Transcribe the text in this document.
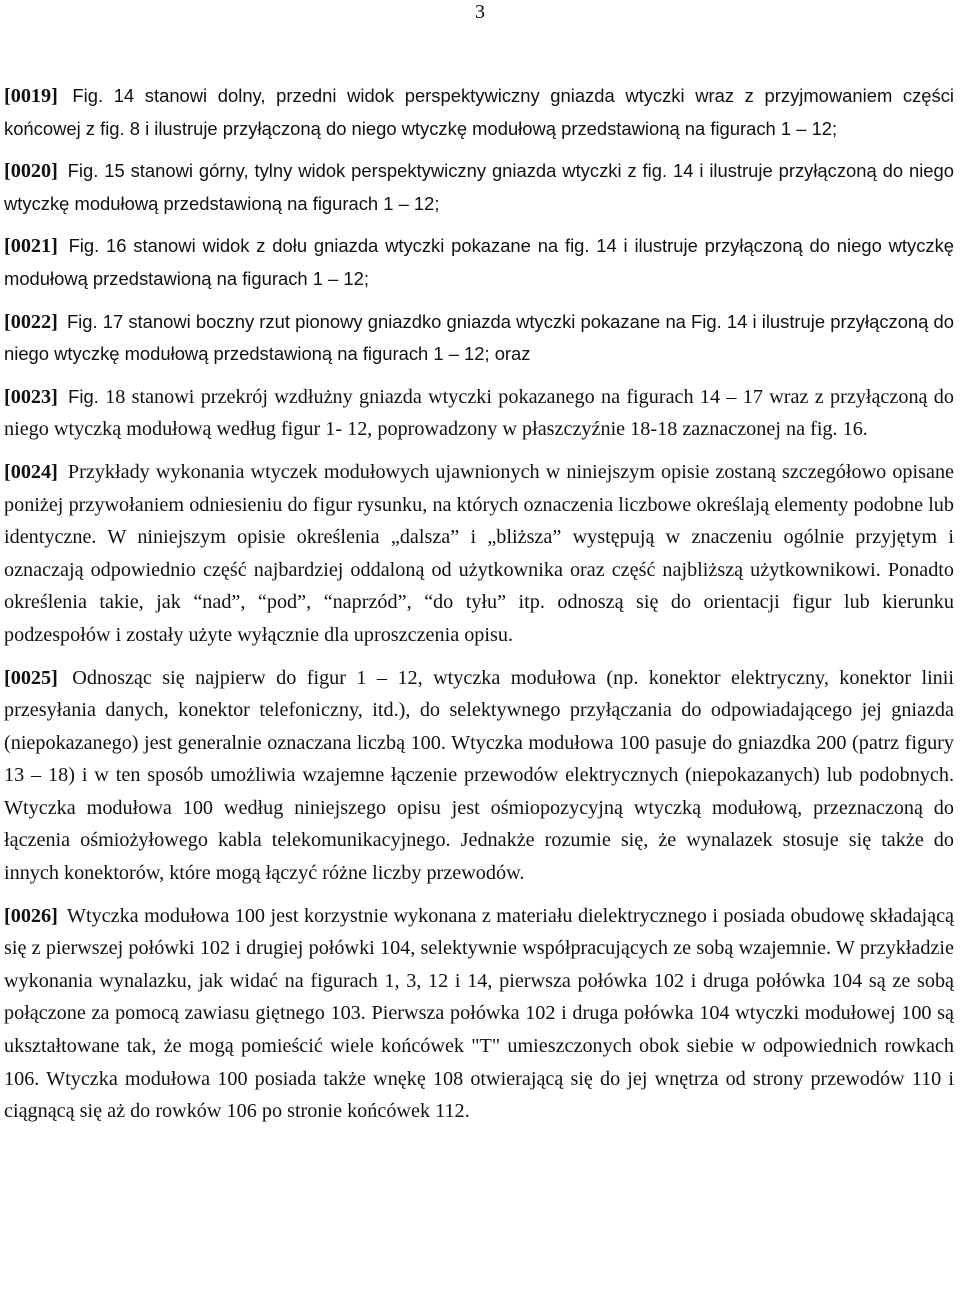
3

[0019] Fig. 14 stanowi dolny, przedni widok perspektywiczny gniazda wtyczki wraz z przyjmowaniem części końcowej z fig. 8 i ilustruje przyłączoną do niego wtyczkę modułową przedstawioną na figurach 1 – 12;

[0020] Fig. 15 stanowi górny, tylny widok perspektywiczny gniazda wtyczki z fig. 14 i ilustruje przyłączoną do niego wtyczkę modułową przedstawioną na figurach 1 – 12;

[0021] Fig. 16 stanowi widok z dołu gniazda wtyczki pokazane na fig. 14 i ilustruje przyłączoną do niego wtyczkę modułową przedstawioną na figurach 1 – 12;

[0022] Fig. 17 stanowi boczny rzut pionowy gniazdko gniazda wtyczki pokazane na Fig. 14 i ilustruje przyłączoną do niego wtyczkę modułową przedstawioną na figurach 1 – 12; oraz

[0023] Fig. 18 stanowi przekrój wzdłużny gniazda wtyczki pokazanego na figurach 14 – 17 wraz z przyłączoną do niego wtyczką modułową według figur 1- 12, poprowadzony w płaszczyźnie 18-18 zaznaczonej na fig. 16.

[0024] Przykłady wykonania wtyczek modułowych ujawnionych w niniejszym opisie zostaną szczegółowo opisane poniżej przywołaniem odniesieniu do figur rysunku, na których oznaczenia liczbowe określają elementy podobne lub identyczne. W niniejszym opisie określenia „dalsza” i „bliższa” występują w znaczeniu ogólnie przyjętym i oznaczają odpowiednio część najbardziej oddaloną od użytkownika oraz część najbliższą użytkownikowi. Ponadto określenia takie, jak “nad”, “pod”, “naprzód”, “do tyłu” itp. odnoszą się do orientacji figur lub kierunku podzespołów i zostały użyte wyłącznie dla uproszczenia opisu.

[0025] Odnosząc się najpierw do figur 1 – 12, wtyczka modułowa (np. konektor elektryczny, konektor linii przesyłania danych, konektor telefoniczny, itd.), do selektywnego przyłączania do odpowiadającego jej gniazda (niepokazanego) jest generalnie oznaczana liczbą 100. Wtyczka modułowa 100 pasuje do gniazdka 200 (patrz figury 13 – 18) i w ten sposób umożliwia wzajemne łączenie przewodów elektrycznych (niepokazanych) lub podobnych. Wtyczka modułowa 100 według niniejszego opisu jest ośmiopozycyjną wtyczką modułową, przeznaczoną do łączenia ośmiożyłowego kabla telekomunikacyjnego. Jednakże rozumie się, że wynalazek stosuje się także do innych konektorów, które mogą łączyć różne liczby przewodów.

[0026] Wtyczka modułowa 100 jest korzystnie wykonana z materiału dielektrycznego i posiada obudowę składającą się z pierwszej połówki 102 i drugiej połówki 104, selektywnie współpracujących ze sobą wzajemnie. W przykładzie wykonania wynalazku, jak widać na figurach 1, 3, 12 i 14, pierwsza połówka 102 i druga połówka 104 są ze sobą połączone za pomocą zawiasu giętnego 103. Pierwsza połówka 102 i druga połówka 104 wtyczki modułowej 100 są ukształtowane tak, że mogą pomieścić wiele końcówek "T" umieszczonych obok siebie w odpowiednich rowkach 106. Wtyczka modułowa 100 posiada także wnękę 108 otwierającą się do jej wnętrza od strony przewodów 110 i ciągnącą się aż do rowków 106 po stronie końcówek 112.
